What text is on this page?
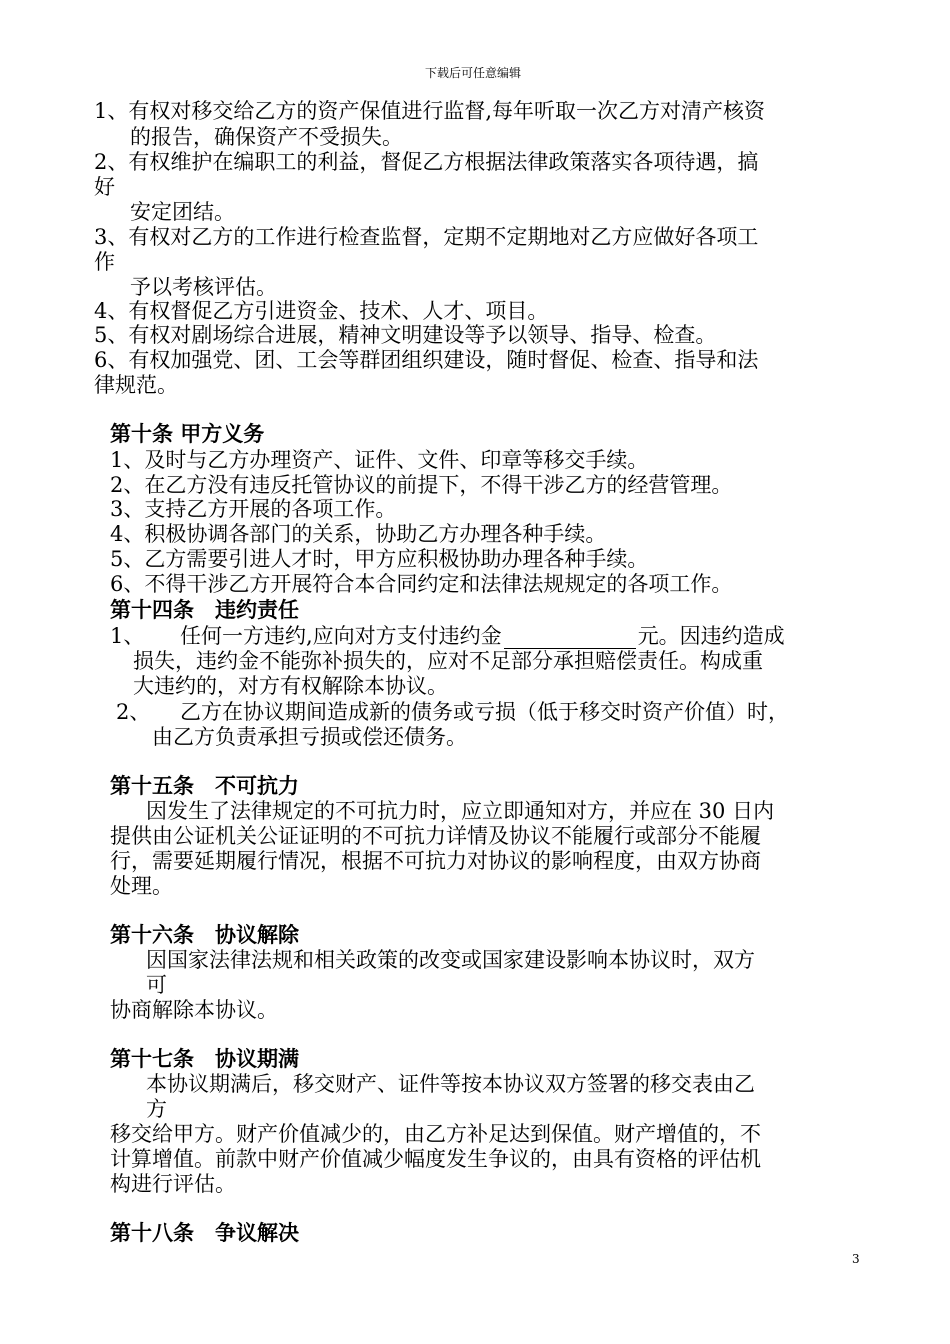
下载后可任意编辑
1、有权对移交给乙方的资产保值进行监督,每年听取一次乙方对清产核资
的报告，确保资产不受损失。
2、有权维护在编职工的利益，督促乙方根据法律政策落实各项待遇，搞
好
安定团结。
3、有权对乙方的工作进行检查监督，定期不定期地对乙方应做好各项工
作
予以考核评估。
4、有权督促乙方引进资金、技术、人才、项目。
5、有权对剧场综合进展，精神文明建设等予以领导、指导、检查。
6、有权加强党、团、工会等群团组织建设，随时督促、检查、指导和法
律规范。
第十条 甲方义务
1、及时与乙方办理资产、证件、文件、印章等移交手续。
2、在乙方没有违反托管协议的前提下，不得干涉乙方的经营管理。
3、支持乙方开展的各项工作。
4、积极协调各部门的关系，协助乙方办理各种手续。
5、乙方需要引进人才时，甲方应积极协助办理各种手续。
6、不得干涉乙方开展符合本合同约定和法律法规规定的各项工作。
第十四条　违约责任
1、 任何一方违约,应向对方支付违约金	元。因违约造成
损失，违约金不能弥补损失的，应对不足部分承担赔偿责任。构成重
大违约的，对方有权解除本协议。
2、 乙方在协议期间造成新的债务或亏损（低于移交时资产价值）时，
由乙方负责承担亏损或偿还债务。
第十五条　不可抗力
因发生了法律规定的不可抗力时，应立即通知对方，并应在 30 日内
提供由公证机关公证证明的不可抗力详情及协议不能履行或部分不能履
行，需要延期履行情况，根据不可抗力对协议的影响程度，由双方协商
处理。
第十六条　协议解除
因国家法律法规和相关政策的改变或国家建设影响本协议时，双方
可
协商解除本协议。
第十七条　协议期满
本协议期满后，移交财产、证件等按本协议双方签署的移交表由乙
方
移交给甲方。财产价值减少的，由乙方补足达到保值。财产增值的，不
计算增值。前款中财产价值减少幅度发生争议的，由具有资格的评估机
构进行评估。
第十八条　争议解决
3
